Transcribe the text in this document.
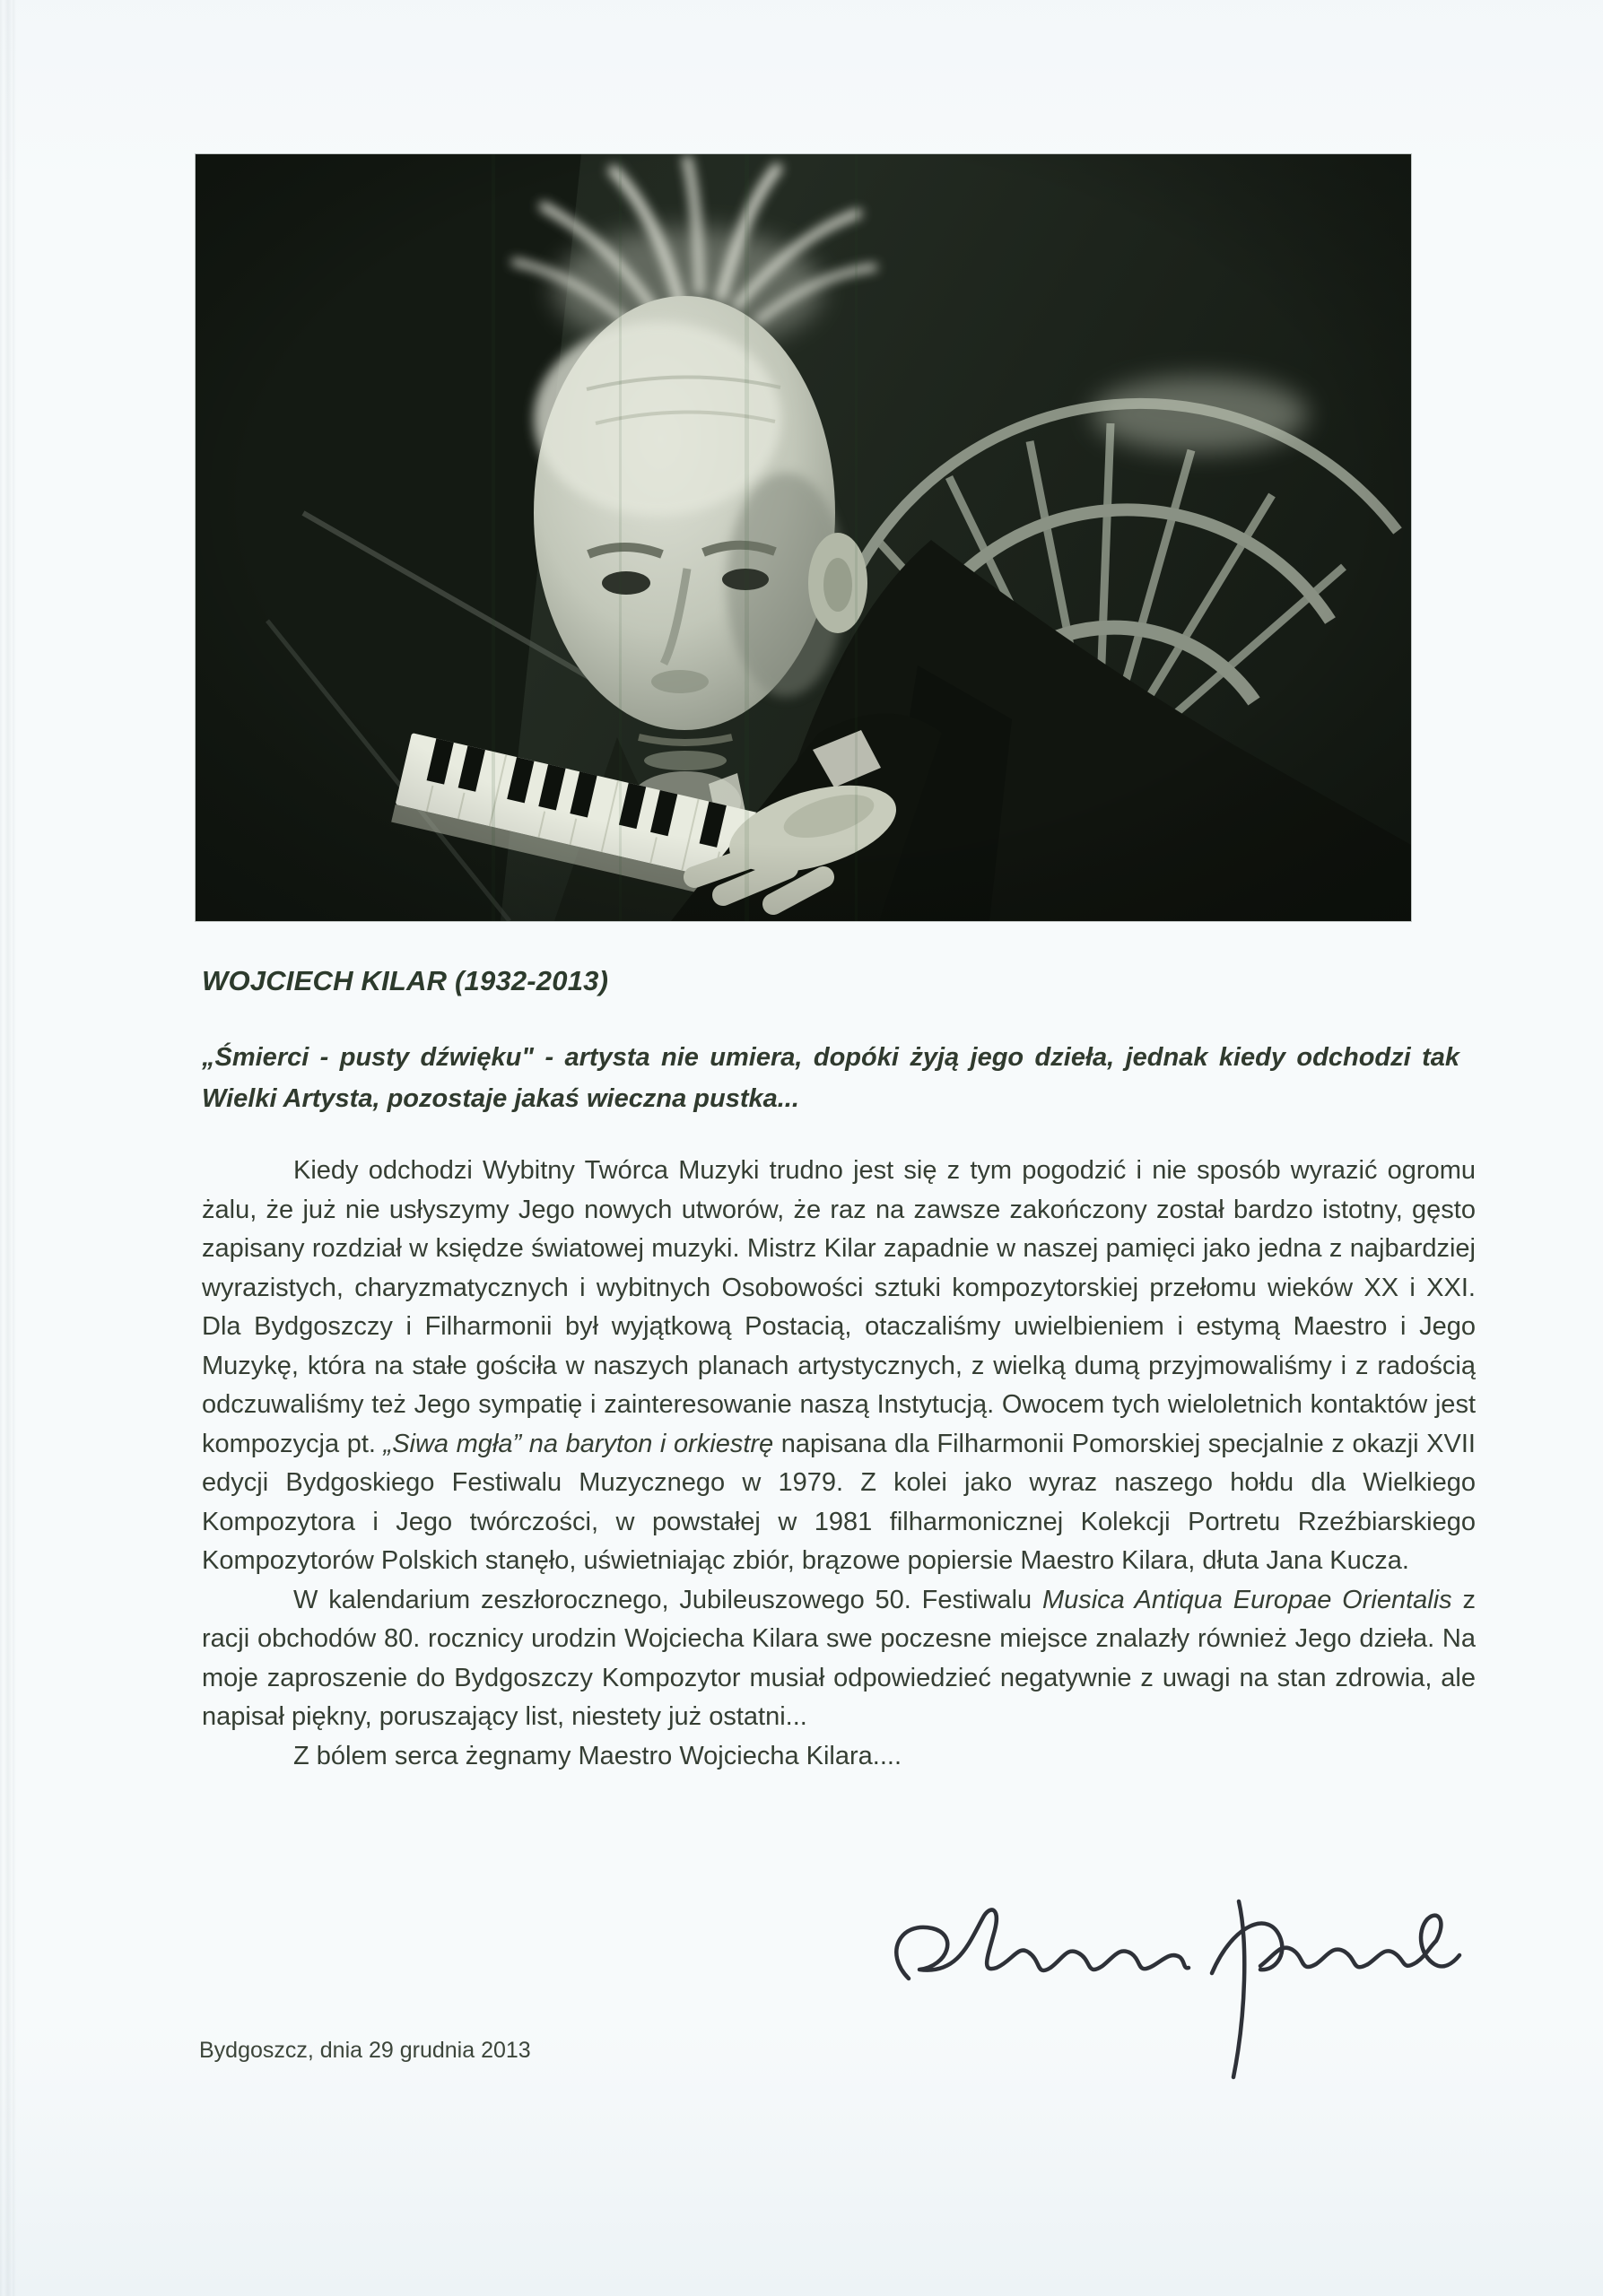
WOJCIECH KILAR (1932-2013)

„Śmierci - pusty dźwięku" - artysta nie umiera, dopóki żyją jego dzieła, jednak kiedy odchodzi tak Wielki Artysta, pozostaje jakaś wieczna pustka...

Kiedy odchodzi Wybitny Twórca Muzyki trudno jest się z tym pogodzić i nie sposób wyrazić ogromu żalu, że już nie usłyszymy Jego nowych utworów, że raz na zawsze zakończony został bardzo istotny, gęsto zapisany rozdział w księdze światowej muzyki. Mistrz Kilar zapadnie w naszej pamięci jako jedna z najbardziej wyrazistych, charyzmatycznych i wybitnych Osobowości sztuki kompozytorskiej przełomu wieków XX i XXI. Dla Bydgoszczy i Filharmonii był wyjątkową Postacią, otaczaliśmy uwielbieniem i estymą Maestro i Jego Muzykę, która na stałe gościła w naszych planach artystycznych, z wielką dumą przyjmowaliśmy i z radością odczuwaliśmy też Jego sympatię i zainteresowanie naszą Instytucją. Owocem tych wieloletnich kontaktów jest kompozycja pt. „Siwa mgła” na baryton i orkiestrę napisana dla Filharmonii Pomorskiej specjalnie z okazji XVII edycji Bydgoskiego Festiwalu Muzycznego w 1979. Z kolei jako wyraz naszego hołdu dla Wielkiego Kompozytora i Jego twórczości, w powstałej w 1981 filharmonicznej Kolekcji Portretu Rzeźbiarskiego Kompozytorów Polskich stanęło, uświetniając zbiór, brązowe popiersie Maestro Kilara, dłuta Jana Kucza.

W kalendarium zeszłorocznego, Jubileuszowego 50. Festiwalu Musica Antiqua Europae Orientalis z racji obchodów 80. rocznicy urodzin Wojciecha Kilara swe poczesne miejsce znalazły również Jego dzieła. Na moje zaproszenie do Bydgoszczy Kompozytor musiał odpowiedzieć negatywnie z uwagi na stan zdrowia, ale napisał piękny, poruszający list, niestety już ostatni...

Z bólem serca żegnamy Maestro Wojciecha Kilara....

Bydgoszcz, dnia 29 grudnia 2013
